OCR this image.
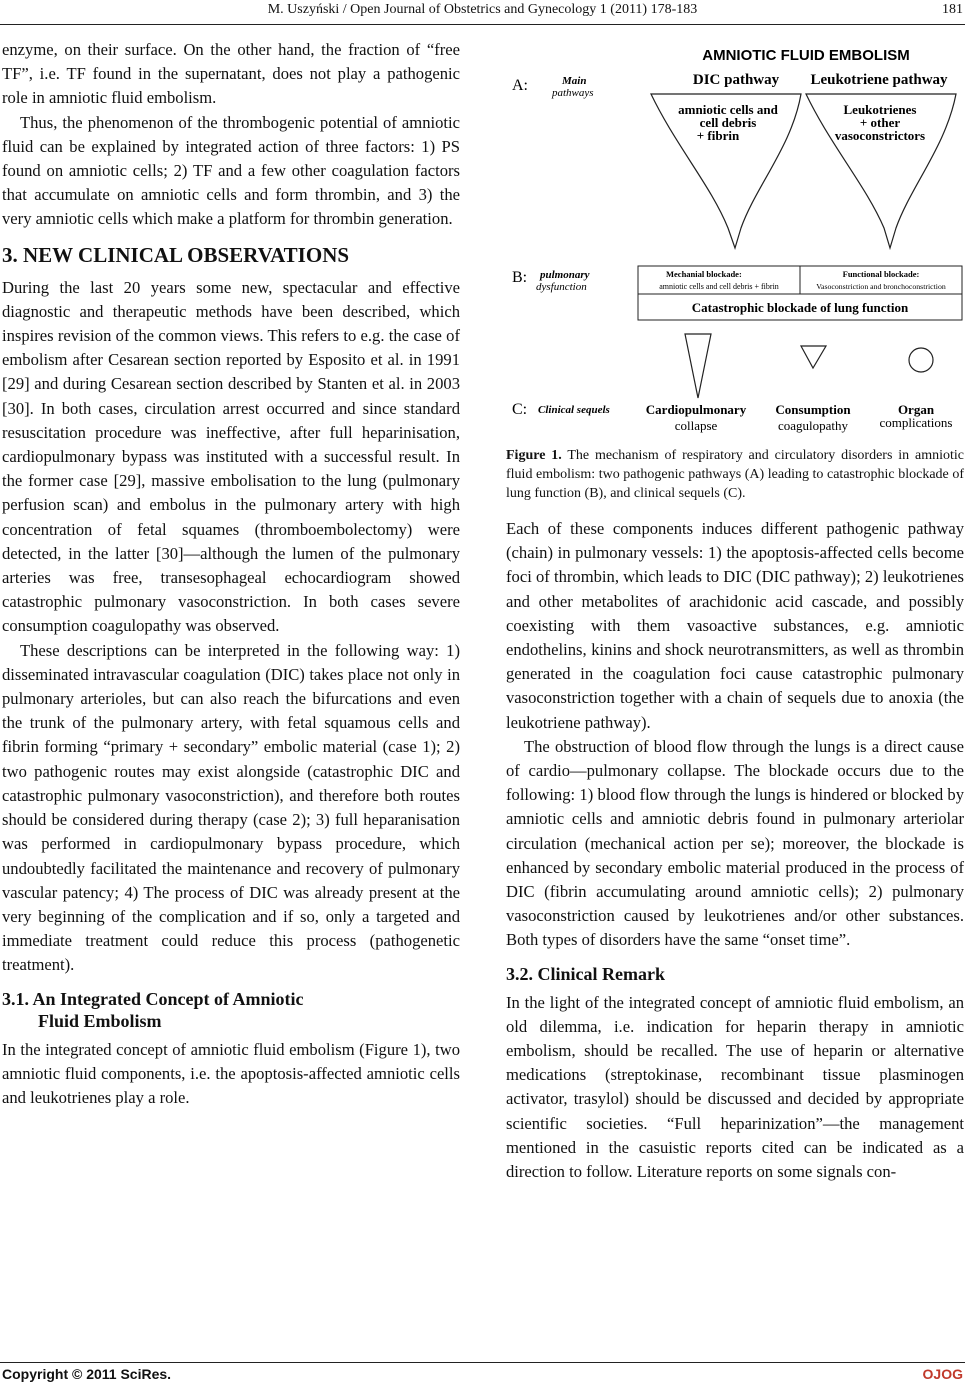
M. Uszyński / Open Journal of Obstetrics and Gynecology 1 (2011) 178-183	181

enzyme, on their surface. On the other hand, the fraction of “free TF”, i.e. TF found in the supernatant, does not play a pathogenic role in amniotic fluid embolism.

Thus, the phenomenon of the thrombogenic potential of amniotic fluid can be explained by integrated action of three factors: 1) PS found on amniotic cells; 2) TF and a few other coagulation factors that accumulate on amniotic cells and form thrombin, and 3) the very amniotic cells which make a platform for thrombin generation.

3. NEW CLINICAL OBSERVATIONS

During the last 20 years some new, spectacular and effective diagnostic and therapeutic methods have been described, which inspires revision of the common views. This refers to e.g. the case of embolism after Cesarean section reported by Esposito et al. in 1991 [29] and during Cesarean section described by Stanten et al. in 2003 [30]. In both cases, circulation arrest occurred and since standard resuscitation procedure was ineffective, after full heparinisation, cardiopulmonary bypass was instituted with a successful result. In the former case [29], massive embolisation to the lung (pulmonary perfusion scan) and embolus in the pulmonary artery with high concentration of fetal squames (thromboembolectomy) were detected, in the latter [30]—although the lumen of the pulmonary arteries was free, transesophageal echocardiogram showed catastrophic pulmonary vasoconstriction. In both cases severe consumption coagulopathy was observed.

These descriptions can be interpreted in the following way: 1) disseminated intravascular coagulation (DIC) takes place not only in pulmonary arterioles, but can also reach the bifurcations and even the trunk of the pulmonary artery, with fetal squamous cells and fibrin forming “primary + secondary” embolic material (case 1); 2) two pathogenic routes may exist alongside (catastrophic DIC and catastrophic pulmonary vasoconstriction), and therefore both routes should be considered during therapy (case 2); 3) full heparanisation was performed in cardiopulmonary bypass procedure, which undoubtedly facilitated the maintenance and recovery of pulmonary vascular patency; 4) The process of DIC was already present at the very beginning of the complication and if so, only a targeted and immediate treatment could reduce this process (pathogenetic treatment).

3.1. An Integrated Concept of Amniotic
Fluid Embolism

In the integrated concept of amniotic fluid embolism (Figure 1), two amniotic fluid components, i.e. the apoptosis-affected amniotic cells and leukotrienes play a role.

AMNIOTIC FLUID EMBOLISM
A:	Main
pathways
DIC pathway Leukotriene pathway
amniotic cells and
cell debris
+ fibrin
Leukotrienes
+ other
vasoconstrictors
B: pulmonary
dysfunction
Mechanial blockade:
amniotic cells and cell debris + fibrin
Functional blockade:
Vasoconstriction and bronchoconstriction
Catastrophic blockade of lung function
C: Clinical sequels	Cardiopulmonary
collapse
Consumption
coagulopathy
Organ
complications
Figure 1. The mechanism of respiratory and circulatory disorders in amniotic fluid embolism: two pathogenic pathways (A) leading to catastrophic blockade of lung function (B), and clinical sequels (C).

Each of these components induces different pathogenic pathway (chain) in pulmonary vessels: 1) the apoptosis-affected cells become foci of thrombin, which leads to DIC (DIC pathway); 2) leukotrienes and other metabolites of arachidonic acid cascade, and possibly coexisting with them vasoactive substances, e.g. amniotic endothelins, kinins and shock neurotransmitters, as well as thrombin generated in the coagulation foci cause catastrophic pulmonary vasoconstriction together with a chain of sequels due to anoxia (the leukotriene pathway).

The obstruction of blood flow through the lungs is a direct cause of cardio—pulmonary collapse. The blockade occurs due to the following: 1) blood flow through the lungs is hindered or blocked by amniotic cells and amniotic debris found in pulmonary arteriolar circulation (mechanical action per se); moreover, the blockade is enhanced by secondary embolic material produced in the process of DIC (fibrin accumulating around amniotic cells); 2) pulmonary vasoconstriction caused by leukotrienes and/or other substances. Both types of disorders have the same “onset time”.

3.2. Clinical Remark

In the light of the integrated concept of amniotic fluid embolism, an old dilemma, i.e. indication for heparin therapy in amniotic embolism, should be recalled. The use of heparin or alternative medications (streptokinase, recombinant tissue plasminogen activator, trasylol) should be discussed and decided by appropriate scientific societies. “Full heparinization”—the management mentioned in the casuistic reports cited can be indicated as a direction to follow. Literature reports on some signals con-

Copyright © 2011 SciRes.	OJOG
